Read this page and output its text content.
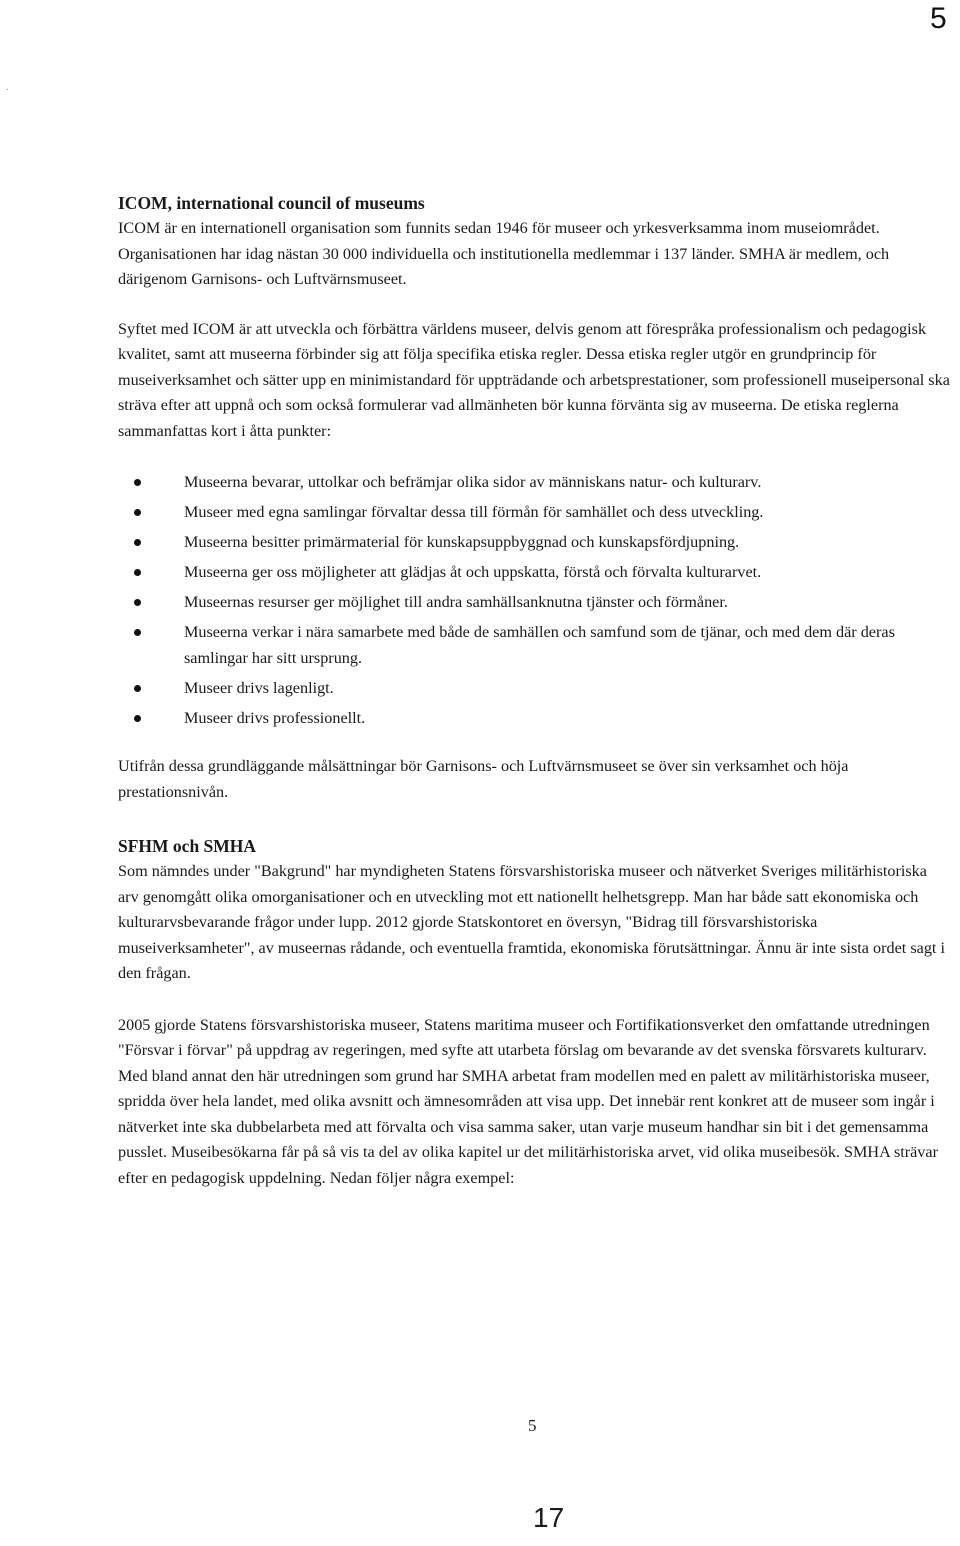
5
.
ICOM, international council of museums

ICOM är en internationell organisation som funnits sedan 1946 för museer och yrkesverksamma inom museiområdet. Organisationen har idag nästan 30 000 individuella och institutionella medlemmar i 137 länder. SMHA är medlem, och därigenom Garnisons- och Luftvärnsmuseet.

Syftet med ICOM är att utveckla och förbättra världens museer, delvis genom att förespråka professionalism och pedagogisk kvalitet, samt att museerna förbinder sig att följa specifika etiska regler. Dessa etiska regler utgör en grundprincip för museiverksamhet och sätter upp en minimistandard för uppträdande och arbetsprestationer, som professionell museipersonal ska sträva efter att uppnå och som också formulerar vad allmänheten bör kunna förvänta sig av museerna. De etiska reglerna sammanfattas kort i åtta punkter:

Museerna bevarar, uttolkar och befrämjar olika sidor av människans natur- och kulturarv.
Museer med egna samlingar förvaltar dessa till förmån för samhället och dess utveckling.
Museerna besitter primärmaterial för kunskapsuppbyggnad och kunskapsfördjupning.
Museerna ger oss möjligheter att glädjas åt och uppskatta, förstå och förvalta kulturarvet.
Museernas resurser ger möjlighet till andra samhällsanknutna tjänster och förmåner.
Museerna verkar i nära samarbete med både de samhällen och samfund som de tjänar, och med dem där deras samlingar har sitt ursprung.
Museer drivs lagenligt.
Museer drivs professionellt.

Utifrån dessa grundläggande målsättningar bör Garnisons- och Luftvärnsmuseet se över sin verksamhet och höja prestationsnivån.

SFHM och SMHA

Som nämndes under "Bakgrund" har myndigheten Statens försvarshistoriska museer och nätverket Sveriges militärhistoriska arv genomgått olika omorganisationer och en utveckling mot ett nationellt helhetsgrepp. Man har både satt ekonomiska och kulturarvsbevarande frågor under lupp. 2012 gjorde Statskontoret en översyn, "Bidrag till försvarshistoriska museiverksamheter", av museernas rådande, och eventuella framtida, ekonomiska förutsättningar. Ännu är inte sista ordet sagt i den frågan.

2005 gjorde Statens försvarshistoriska museer, Statens maritima museer och Fortifikationsverket den omfattande utredningen "Försvar i förvar" på uppdrag av regeringen, med syfte att utarbeta förslag om bevarande av det svenska försvarets kulturarv. Med bland annat den här utredningen som grund har SMHA arbetat fram modellen med en palett av militärhistoriska museer, spridda över hela landet, med olika avsnitt och ämnesområden att visa upp. Det innebär rent konkret att de museer som ingår i nätverket inte ska dubbelarbeta med att förvalta och visa samma saker, utan varje museum handhar sin bit i det gemensamma pusslet. Museibesökarna får på så vis ta del av olika kapitel ur det militärhistoriska arvet, vid olika museibesök. SMHA strävar efter en pedagogisk uppdelning. Nedan följer några exempel:

5
17
